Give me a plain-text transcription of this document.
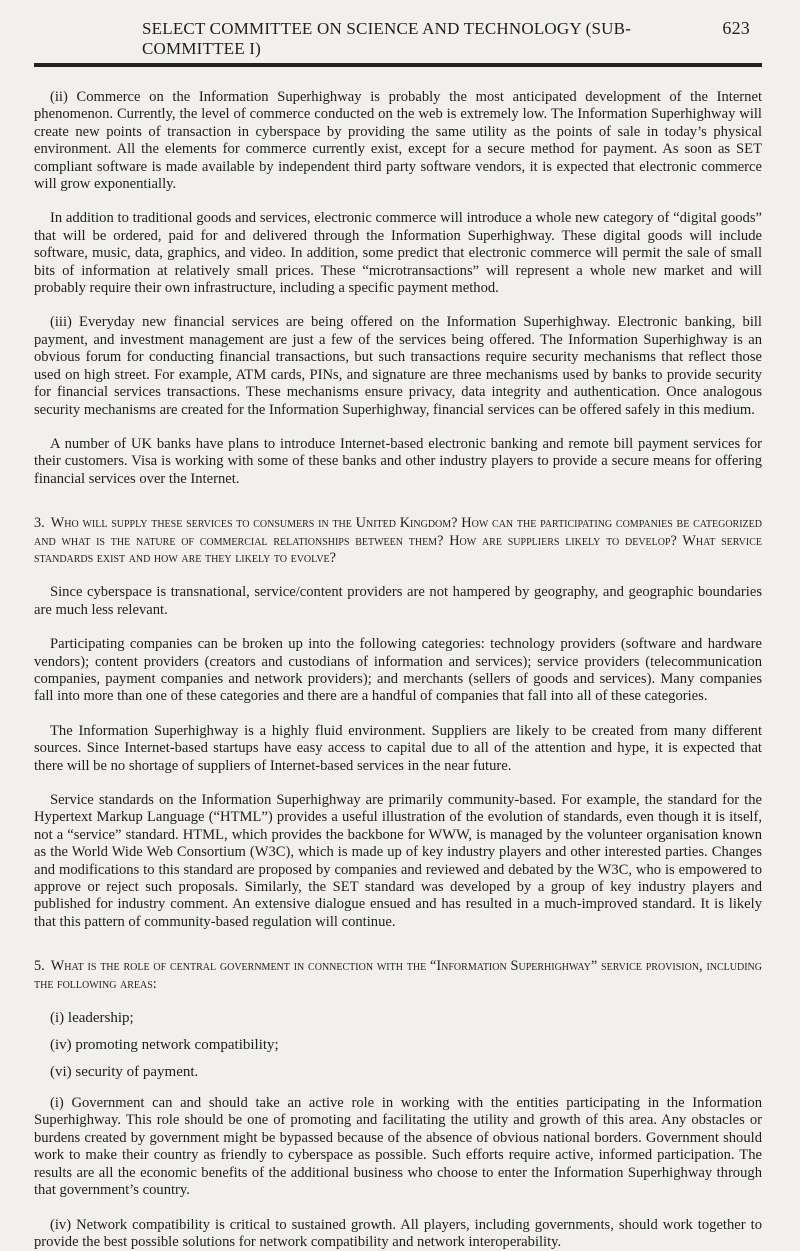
SELECT COMMITTEE ON SCIENCE AND TECHNOLOGY (SUB-COMMITTEE I)
623

(ii) Commerce on the Information Superhighway is probably the most anticipated development of the Internet phenomenon. Currently, the level of commerce conducted on the web is extremely low. The Information Superhighway will create new points of transaction in cyberspace by providing the same utility as the points of sale in today’s physical environment. All the elements for commerce currently exist, except for a secure method for payment. As soon as SET compliant software is made available by independent third party software vendors, it is expected that electronic commerce will grow exponentially.

In addition to traditional goods and services, electronic commerce will introduce a whole new category of “digital goods” that will be ordered, paid for and delivered through the Information Superhighway. These digital goods will include software, music, data, graphics, and video. In addition, some predict that electronic commerce will permit the sale of small bits of information at relatively small prices. These “microtransactions” will represent a whole new market and will probably require their own infrastructure, including a specific payment method.

(iii) Everyday new financial services are being offered on the Information Superhighway. Electronic banking, bill payment, and investment management are just a few of the services being offered. The Information Superhighway is an obvious forum for conducting financial transactions, but such transactions require security mechanisms that reflect those used on high street. For example, ATM cards, PINs, and signature are three mechanisms used by banks to provide security for financial services transactions. These mechanisms ensure privacy, data integrity and authentication. Once analogous security mechanisms are created for the Information Superhighway, financial services can be offered safely in this medium.

A number of UK banks have plans to introduce Internet-based electronic banking and remote bill payment services for their customers. Visa is working with some of these banks and other industry players to provide a secure means for offering financial services over the Internet.

3. Who will supply these services to consumers in the United Kingdom? How can the participating companies be categorized and what is the nature of commercial relationships between them? How are suppliers likely to develop? What service standards exist and how are they likely to evolve?

Since cyberspace is transnational, service/content providers are not hampered by geography, and geographic boundaries are much less relevant.

Participating companies can be broken up into the following categories: technology providers (software and hardware vendors); content providers (creators and custodians of information and services); service providers (telecommunication companies, payment companies and network providers); and merchants (sellers of goods and services). Many companies fall into more than one of these categories and there are a handful of companies that fall into all of these categories.

The Information Superhighway is a highly fluid environment. Suppliers are likely to be created from many different sources. Since Internet-based startups have easy access to capital due to all of the attention and hype, it is expected that there will be no shortage of suppliers of Internet-based services in the near future.

Service standards on the Information Superhighway are primarily community-based. For example, the standard for the Hypertext Markup Language (“HTML”) provides a useful illustration of the evolution of standards, even though it is itself, not a “service” standard. HTML, which provides the backbone for WWW, is managed by the volunteer organisation known as the World Wide Web Consortium (W3C), which is made up of key industry players and other interested parties. Changes and modifications to this standard are proposed by companies and reviewed and debated by the W3C, who is empowered to approve or reject such proposals. Similarly, the SET standard was developed by a group of key industry players and published for industry comment. An extensive dialogue ensued and has resulted in a much-improved standard. It is likely that this pattern of community-based regulation will continue.

5. What is the role of central government in connection with the “Information Superhighway” service provision, including the following areas:
(i) leadership;
(iv) promoting network compatibility;
(vi) security of payment.

(i) Government can and should take an active role in working with the entities participating in the Information Superhighway. This role should be one of promoting and facilitating the utility and growth of this area. Any obstacles or burdens created by government might be bypassed because of the absence of obvious national borders. Government should work to make their country as friendly to cyberspace as possible. Such efforts require active, informed participation. The results are all the economic benefits of the additional business who choose to enter the Information Superhighway through that government’s country.

(iv) Network compatibility is critical to sustained growth. All players, including governments, should work together to provide the best possible solutions for network compatibility and network interoperability.
